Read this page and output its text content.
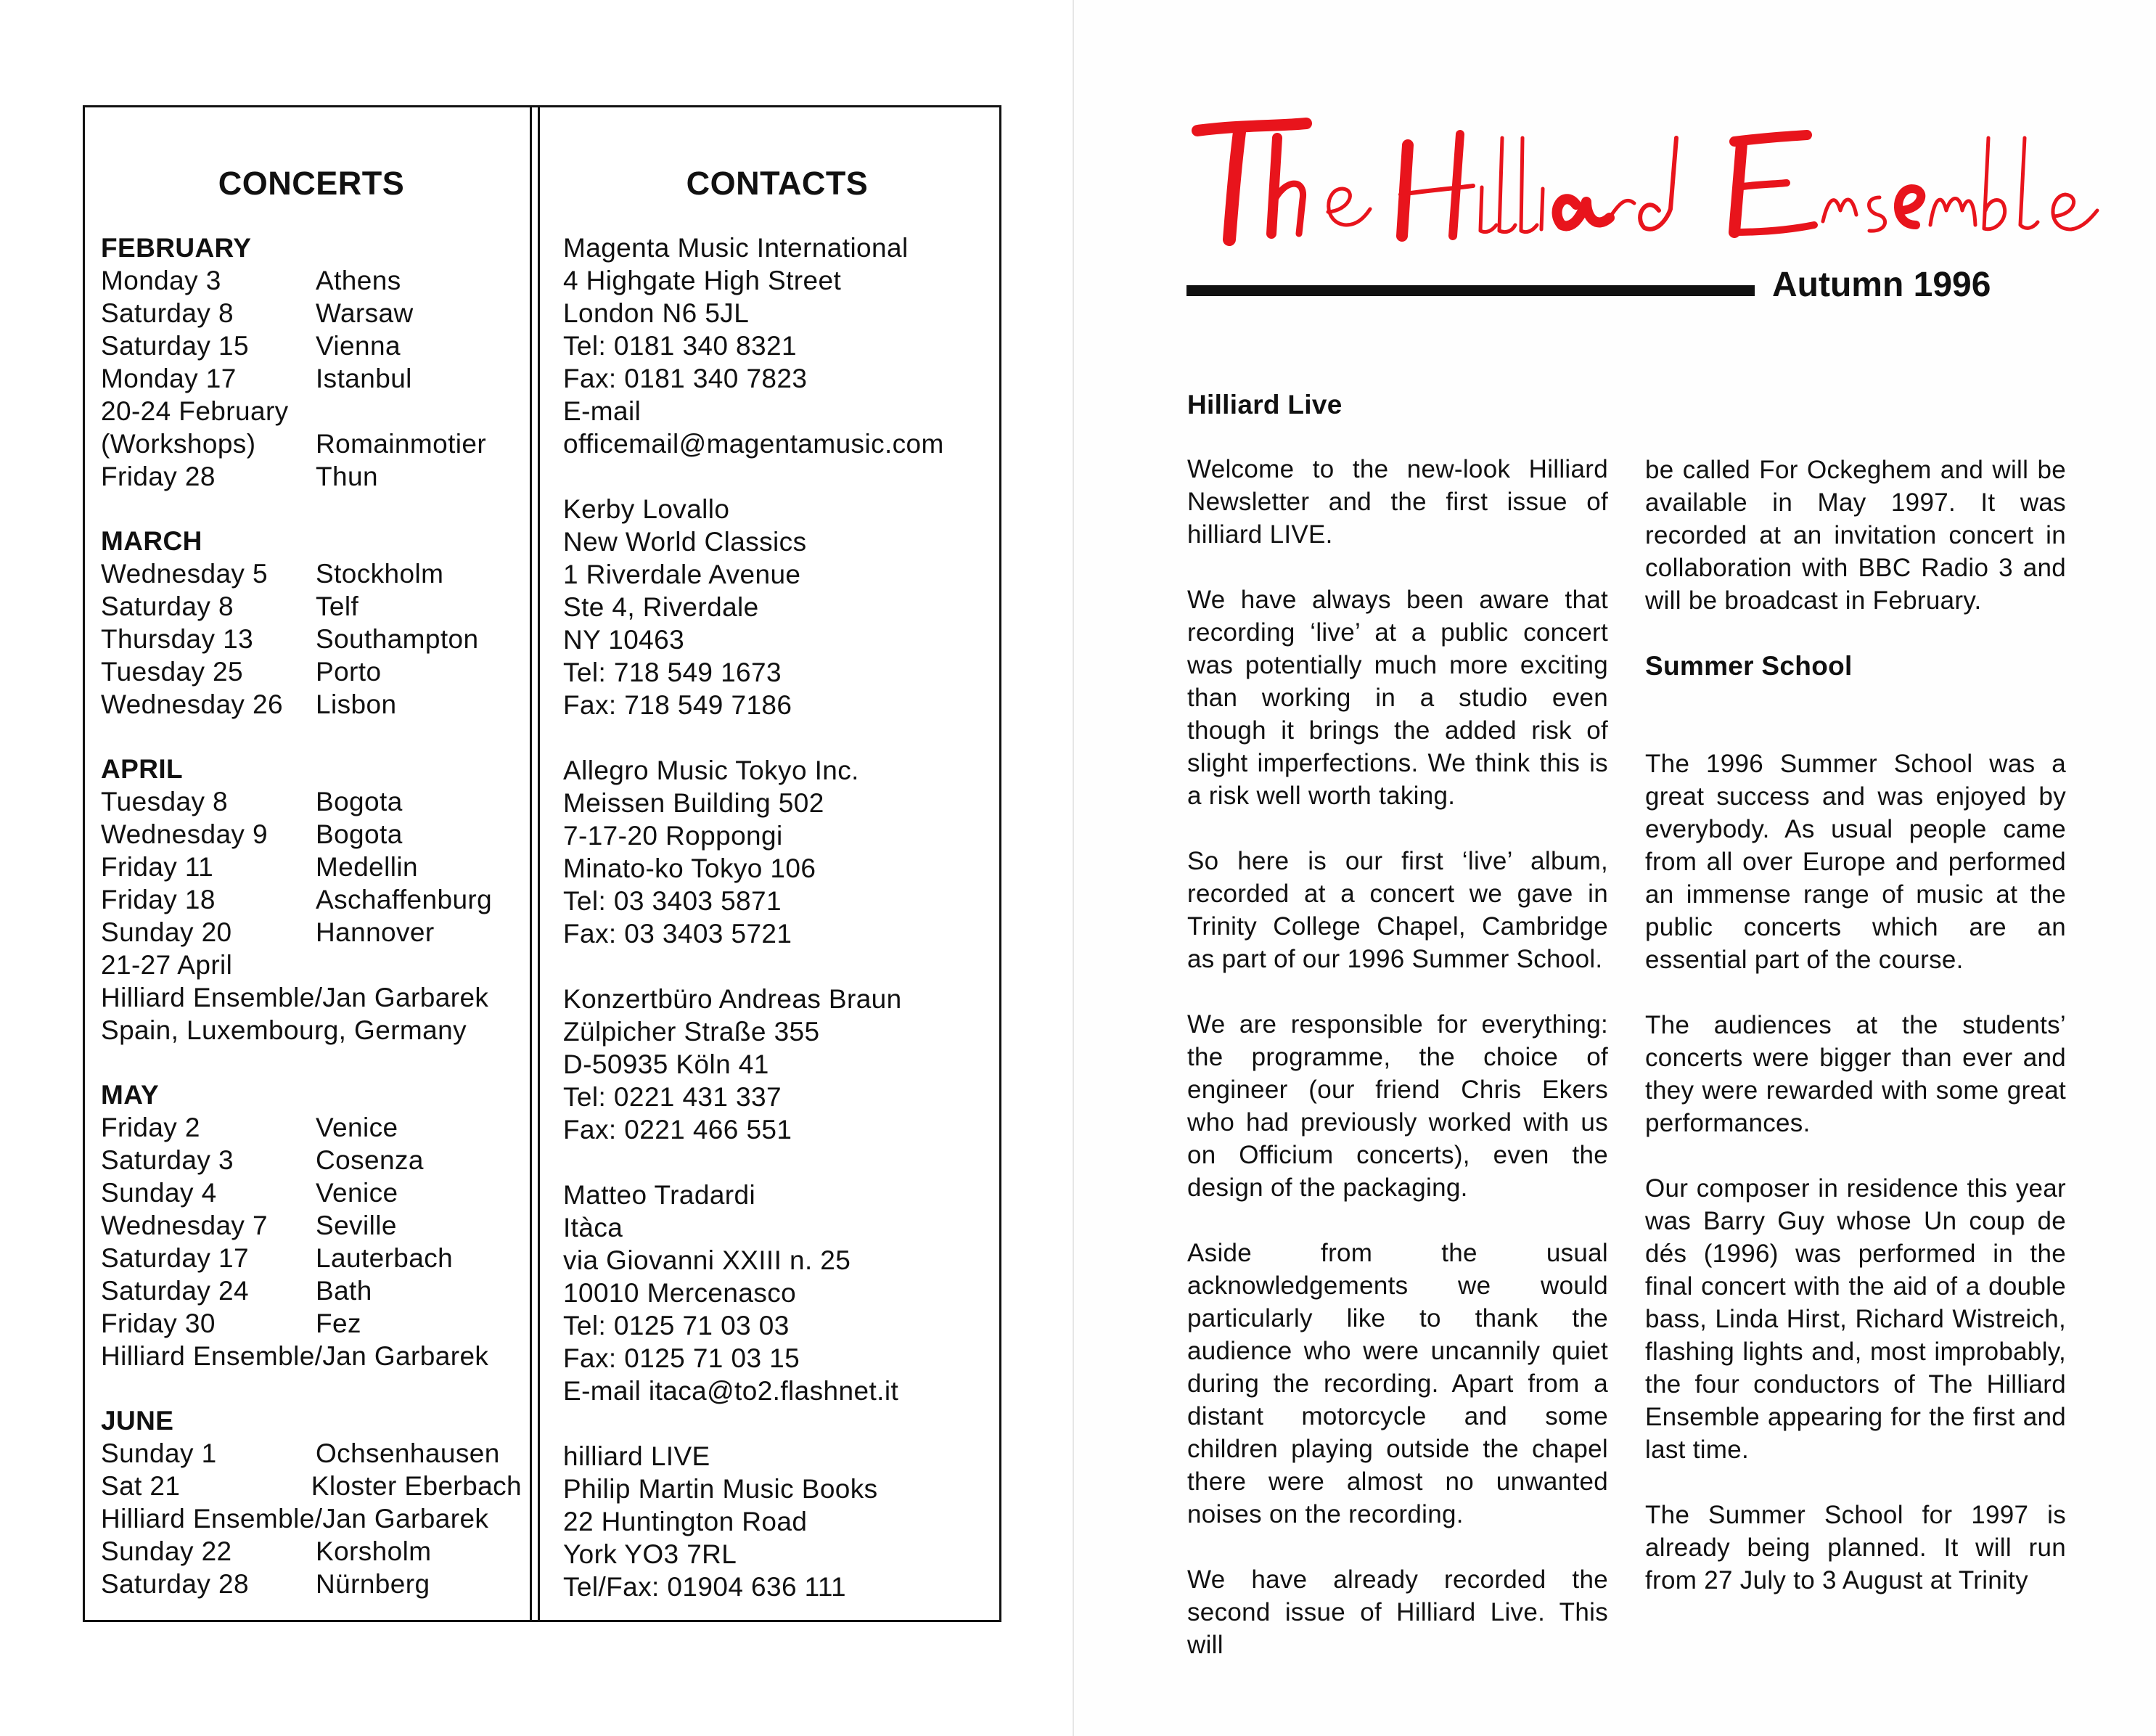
CONCERTS
FEBRUARY
Monday 3	Athens
Saturday 8	Warsaw
Saturday 15	Vienna
Monday 17	Istanbul
20-24 February
(Workshops)	Romainmotier
Friday 28	Thun
MARCH
Wednesday 5	Stockholm
Saturday 8	Telf
Thursday 13	Southampton
Tuesday 25	Porto
Wednesday 26	Lisbon
APRIL
Tuesday 8	Bogota
Wednesday 9	Bogota
Friday 11	Medellin
Friday 18	Aschaffenburg
Sunday 20	Hannover
21-27 April
Hilliard Ensemble/Jan Garbarek
Spain, Luxembourg, Germany
MAY
Friday 2	Venice
Saturday 3	Cosenza
Sunday 4	Venice
Wednesday 7	Seville
Saturday 17	Lauterbach
Saturday 24	Bath
Friday 30	Fez
Hilliard Ensemble/Jan Garbarek
JUNE
Sunday 1	Ochsenhausen
Sat 21	Kloster Eberbach
Hilliard Ensemble/Jan Garbarek
Sunday 22	Korsholm
Saturday 28	Nürnberg
CONTACTS
Magenta Music International
4 Highgate High Street
London N6 5JL
Tel: 0181 340 8321
Fax: 0181 340 7823
E-mail
officemail@magentamusic.com
Kerby Lovallo
New World Classics
1 Riverdale Avenue
Ste 4, Riverdale
NY 10463
Tel: 718 549 1673
Fax: 718 549 7186
Allegro Music Tokyo Inc.
Meissen Building 502
7-17-20 Roppongi
Minato-ko Tokyo 106
Tel: 03 3403 5871
Fax: 03 3403 5721
Konzertbüro Andreas Braun
Zülpicher Straße 355
D-50935 Köln 41
Tel: 0221 431 337
Fax: 0221 466 551
Matteo Tradardi
Itàca
via Giovanni XXIII n. 25
10010 Mercenasco
Tel: 0125 71 03 03
Fax: 0125 71 03 15
E-mail itaca@to2.flashnet.it
hilliard LIVE
Philip Martin Music Books
22 Huntington Road
York YO3 7RL
Tel/Fax: 01904 636 111
Autumn 1996
Hilliard Live
Welcome to the new-look Hilliard Newsletter and the first issue of hilliard LIVE.
We have always been aware that recording ‘live’ at a public concert was potentially much more exciting than working in a studio even though it brings the added risk of slight imperfections. We think this is a risk well worth taking.
So here is our first ‘live’ album, recorded at a concert we gave in Trinity College Chapel, Cambridge as part of our 1996 Summer School.
We are responsible for everything: the programme, the choice of engineer (our friend Chris Ekers who had previously worked with us on Officium concerts), even the design of the packaging.
Aside from the usual acknowledgements we would particularly like to thank the audience who were uncannily quiet during the recording. Apart from a distant motorcycle and some children playing outside the chapel there were almost no unwanted noises on the recording.
We have already recorded the second issue of Hilliard Live. This will
be called For Ockeghem and will be available in May 1997. It was recorded at an invitation concert in collaboration with BBC Radio 3 and will be broadcast in February.
Summer School
The 1996 Summer School was a great success and was enjoyed by everybody. As usual people came from all over Europe and performed an immense range of music at the public concerts which are an essential part of the course.
The audiences at the students’ concerts were bigger than ever and they were rewarded with some great performances.
Our composer in residence this year was Barry Guy whose Un coup de dés (1996) was performed in the final concert with the aid of a double bass, Linda Hirst, Richard Wistreich, flashing lights and, most improbably, the four conductors of The Hilliard Ensemble appearing for the first and last time.
The Summer School for 1997 is already being planned. It will run from 27 July to 3 August at Trinity
